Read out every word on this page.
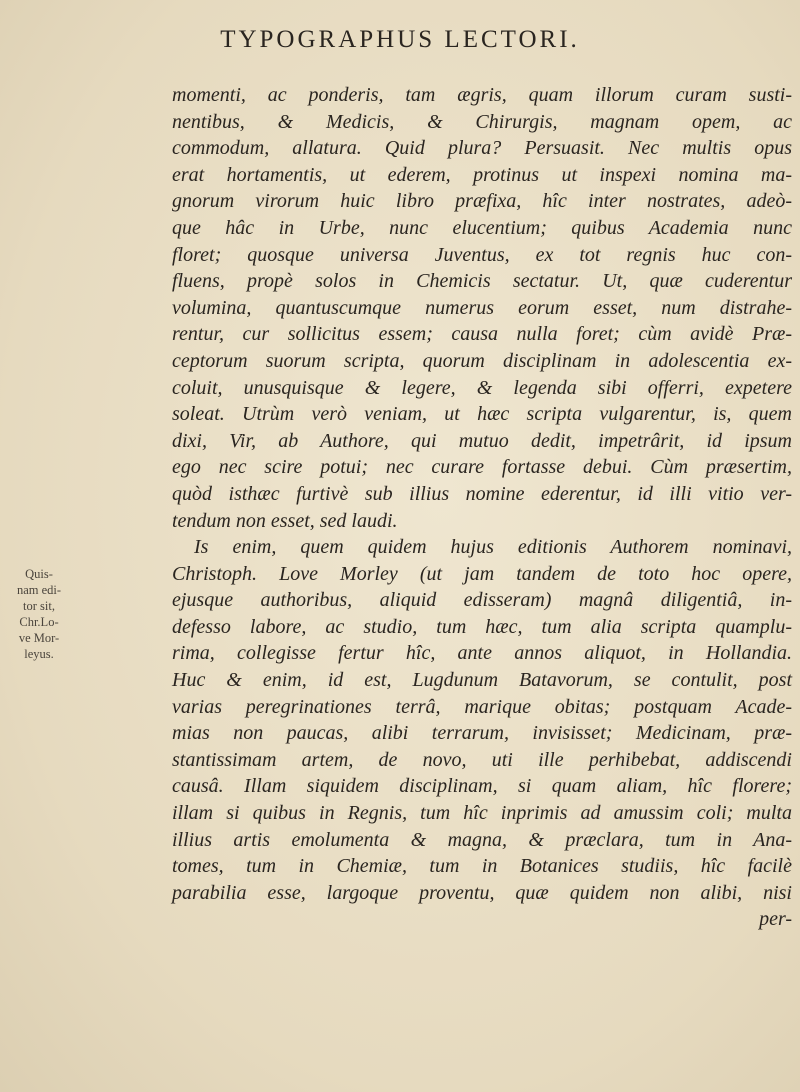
TYPOGRAPHUS LECTORI.
momenti, ac ponderis, tam ægris, quam illorum curam susti-
nentibus, & Medicis, & Chirurgis, magnam opem, ac
commodum, allatura. Quid plura? Persuasit. Nec multis opus
erat hortamentis, ut ederem, protinus ut inspexi nomina ma-
gnorum virorum huic libro præfixa, hîc inter nostrates, adeò-
que hâc in Urbe, nunc elucentium; quibus Academia nunc
floret; quosque universa Juventus, ex tot regnis huc con-
fluens, propè solos in Chemicis sectatur. Ut, quæ cuderentur
volumina, quantuscumque numerus eorum esset, num distrahe-
rentur, cur sollicitus essem; causa nulla foret; cùm avidè Præ-
ceptorum suorum scripta, quorum disciplinam in adolescentia ex-
coluit, unusquisque & legere, & legenda sibi offerri, expetere
soleat. Utrùm verò veniam, ut hæc scripta vulgarentur, is, quem
dixi, Vir, ab Authore, qui mutuo dedit, impetrârit, id ipsum
ego nec scire potui; nec curare fortasse debui. Cùm præsertim,
quòd isthæc furtivè sub illius nomine ederentur, id illi vitio ver-
tendum non esset, sed laudi.
Is enim, quem quidem hujus editionis Authorem nominavi,
Christoph. Love Morley (ut jam tandem de toto hoc opere,
ejusque authoribus, aliquid edisseram) magnâ diligentiâ, in-
defesso labore, ac studio, tum hæc, tum alia scripta quamplu-
rima, collegisse fertur hîc, ante annos aliquot, in Hollandia.
Huc & enim, id est, Lugdunum Batavorum, se contulit, post
varias peregrinationes terrâ, marique obitas; postquam Acade-
mias non paucas, alibi terrarum, invisisset; Medicinam, præ-
stantissimam artem, de novo, uti ille perhibebat, addiscendi
causâ. Illam siquidem disciplinam, si quam aliam, hîc florere;
illam si quibus in Regnis, tum hîc inprimis ad amussim coli; multa
illius artis emolumenta & magna, & præclara, tum in Ana-
tomes, tum in Chemiæ, tum in Botanices studiis, hîc facilè
parabilia esse, largoque proventu, quæ quidem non alibi, nisi
per-
Quis-
nam edi-
tor sit,
Chr.Lo-
ve Mor-
leyus.
